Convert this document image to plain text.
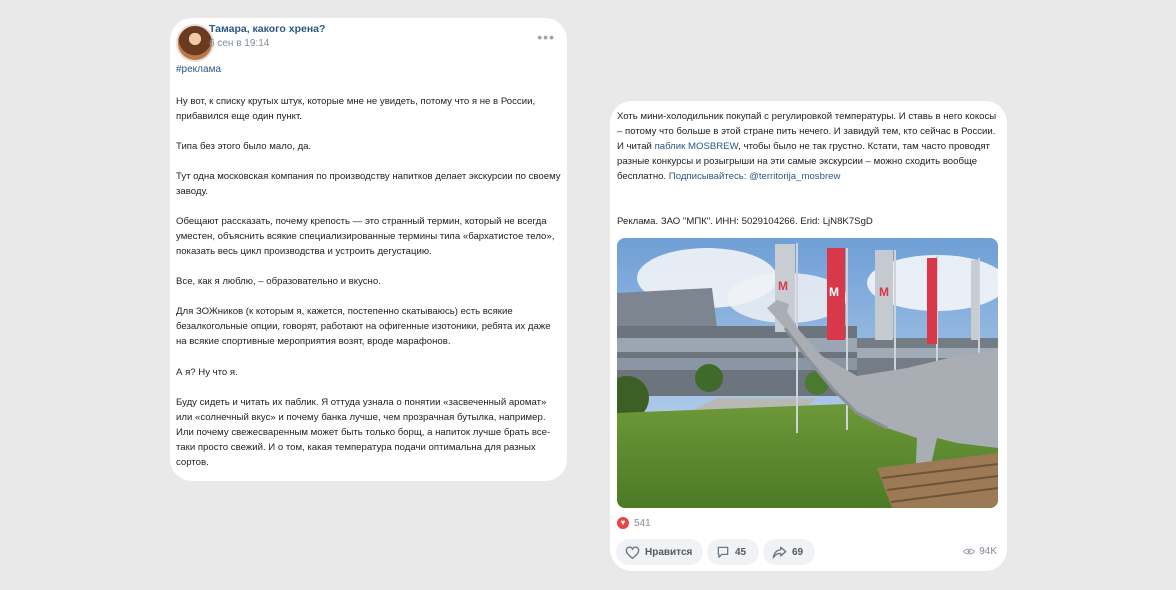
Тамара, какого хрена?
6 сен в 19:14	•••
#реклама
Ну вот, к списку крутых штук, которые мне не увидеть, потому что я не в России, прибавился еще один пункт.
Типа без этого было мало, да.
Тут одна московская компания по производству напитков делает экскурсии по своему заводу.
Обещают рассказать, почему крепость — это странный термин, который не всегда уместен, объяснить всякие специализированные термины типа «бархатистое тело», показать весь цикл производства и устроить дегустацию.
Все, как я люблю, – образовательно и вкусно.
Для ЗОЖников (к которым я, кажется, постепенно скатываюсь) есть всякие безалкогольные опции, говорят, работают на офигенные изотоники, ребята их даже на всякие спортивные мероприятия возят, вроде марафонов.
А я? Ну что я.
Буду сидеть и читать их паблик. Я оттуда узнала о понятии «засвеченный аромат» или «солнечный вкус» и почему банка лучше, чем прозрачная бутылка, например. Или почему свежесваренным может быть только борщ, а напиток лучше брать все-таки просто свежий. И о том, какая температура подачи оптимальна для разных сортов.
Хоть мини-холодильник покупай с регулировкой температуры. И ставь в него кокосы – потому что больше в этой стране пить нечего. И завидуй тем, кто сейчас в России. И читай паблик MOSBREW, чтобы было не так грустно. Кстати, там часто проводят разные конкурсы и розыгрыши на эти самые экскурсии – можно сходить вообще бесплатно. Подписывайтесь: @territorija_mosbrew
Реклама. ЗАО "МПК". ИНН: 5029104266. Erid: LjN8K7SgD
M	M
M
♥ 541
Нравится	45	69	94K
